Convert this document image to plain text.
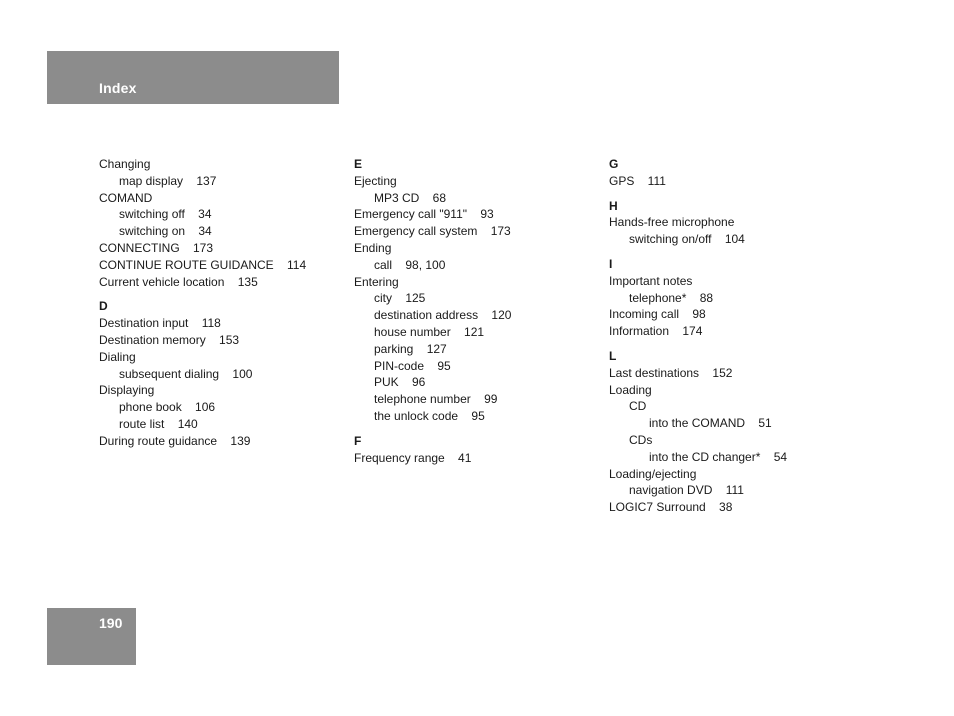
Index
Changing
map display    137
COMAND
switching off    34
switching on    34
CONNECTING    173
CONTINUE ROUTE GUIDANCE    114
Current vehicle location    135
D
Destination input    118
Destination memory    153
Dialing
subsequent dialing    100
Displaying
phone book    106
route list    140
During route guidance    139
E
Ejecting
MP3 CD    68
Emergency call "911"    93
Emergency call system    173
Ending
call    98, 100
Entering
city    125
destination address    120
house number    121
parking    127
PIN-code    95
PUK    96
telephone number    99
the unlock code    95
F
Frequency range    41
G
GPS    111
H
Hands-free microphone
switching on/off    104
I
Important notes
telephone*    88
Incoming call    98
Information    174
L
Last destinations    152
Loading
CD
into the COMAND    51
CDs
into the CD changer*    54
Loading/ejecting
navigation DVD    111
LOGIC7 Surround    38
190
